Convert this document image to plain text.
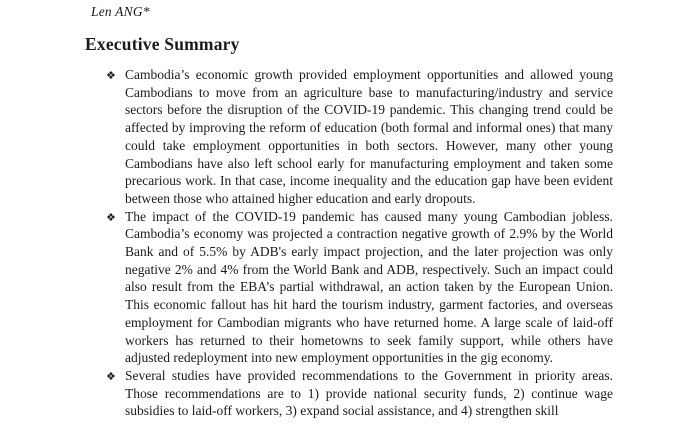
Len ANG*
Executive Summary
❖ Cambodia’s economic growth provided employment opportunities and allowed young Cambodians to move from an agriculture base to manufacturing/industry and service sectors before the disruption of the COVID-19 pandemic. This changing trend could be affected by improving the reform of education (both formal and informal ones) that many could take employment opportunities in both sectors. However, many other young Cambodians have also left school early for manufacturing employment and taken some precarious work. In that case, income inequality and the education gap have been evident between those who attained higher education and early dropouts.
❖ The impact of the COVID-19 pandemic has caused many young Cambodian jobless. Cambodia’s economy was projected a contraction negative growth of 2.9% by the World Bank and of 5.5% by ADB's early impact projection, and the later projection was only negative 2% and 4% from the World Bank and ADB, respectively. Such an impact could also result from the EBA’s partial withdrawal, an action taken by the European Union. This economic fallout has hit hard the tourism industry, garment factories, and overseas employment for Cambodian migrants who have returned home. A large scale of laid-off workers has returned to their hometowns to seek family support, while others have adjusted redeployment into new employment opportunities in the gig economy.
❖ Several studies have provided recommendations to the Government in priority areas. Those recommendations are to 1) provide national security funds, 2) continue wage subsidies to laid-off workers, 3) expand social assistance, and 4) strengthen skill
